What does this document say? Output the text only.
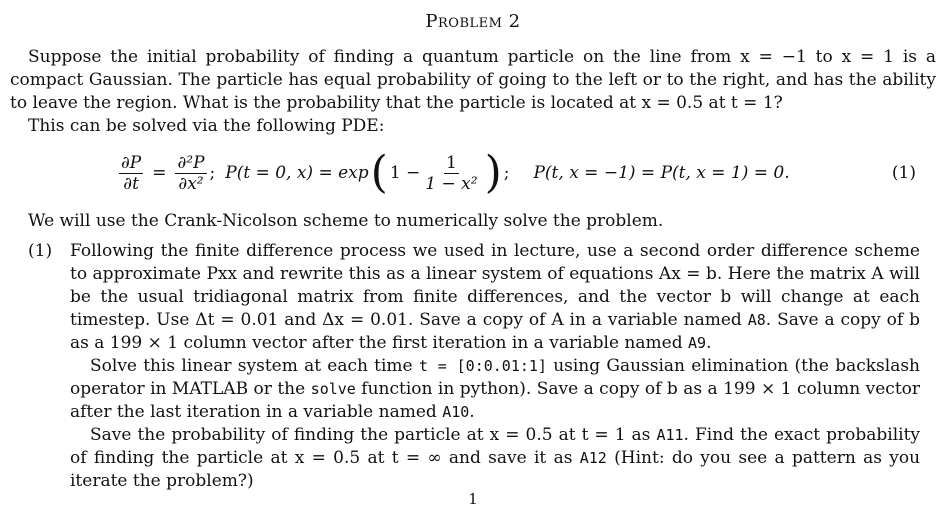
Problem 2
Suppose the initial probability of finding a quantum particle on the line from x = −1 to x = 1 is a compact Gaussian. The particle has equal probability of going to the left or to the right, and has the ability to leave the region. What is the probability that the particle is located at x = 0.5 at t = 1?
This can be solved via the following PDE:
$\frac{\partial P}{\partial t} = \frac{\text{∂²P}}{\text{∂x²}}$ ; P(t = 0, x) = exp ( $1 - \frac{1}{\text{1 − x²}}$ ) ; P(t, x = −1) = P(t, x = 1) = 0.	(1)
We will use the Crank-Nicolson scheme to numerically solve the problem.
(1) Following the finite difference process we used in lecture, use a second order difference scheme to approximate Pxx and rewrite this as a linear system of equations Ax = b. Here the matrix A will be the usual tridiagonal matrix from finite differences, and the vector b will change at each timestep. Use Δt = 0.01 and Δx = 0.01. Save a copy of A in a variable named A8. Save a copy of b as a 199 × 1 column vector after the first iteration in a variable named A9.

Solve this linear system at each time t = [0:0.01:1] using Gaussian elimination (the backslash operator in MATLAB or the solve function in python). Save a copy of b as a 199 × 1 column vector after the last iteration in a variable named A10.

Save the probability of finding the particle at x = 0.5 at t = 1 as A11. Find the exact probability of finding the particle at x = 0.5 at t = ∞ and save it as A12 (Hint: do you see a pattern as you iterate the problem?)

1
